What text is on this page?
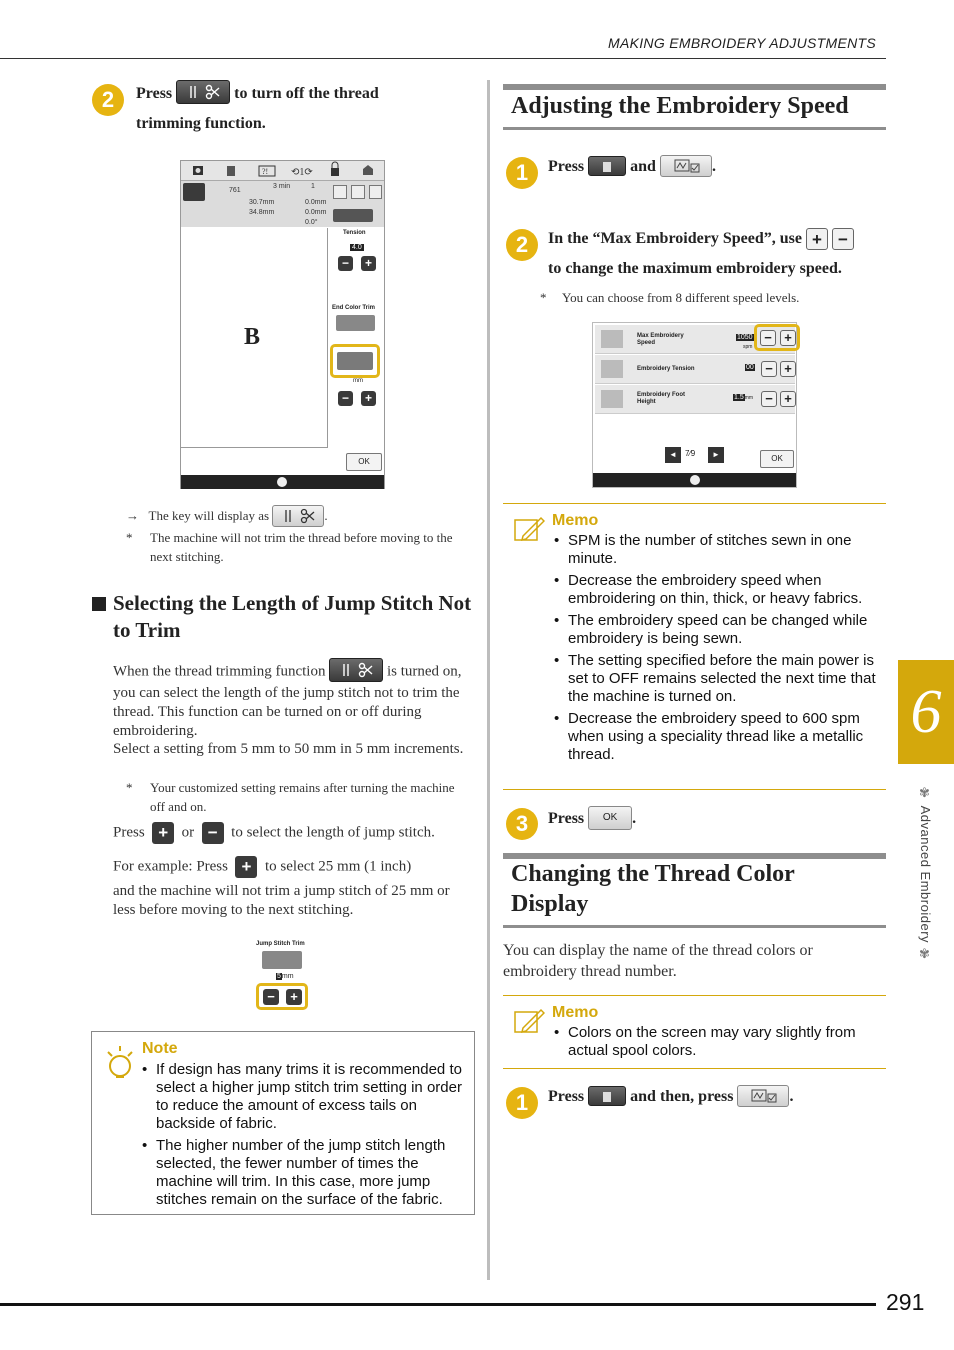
MAKING EMBROIDERY ADJUSTMENTS
291
6
✾ Advanced Embroidery ✾
2	Press	to turn off the thread
trimming function.
?! ⟲1⟳
761
3 min	1
30.7mm
34.8mm
0.0mm
0.0mm
0.0°
B
Tension
4.0
−	+
End Color Trim
mm
−	+
OK
→ The key will display as	.
*	The machine will not trim the thread before moving to the next stitching.
Selecting the Length of Jump Stitch Not to Trim
When the thread trimming function	is turned on, you can select the length of the jump stitch not to trim the thread. This function can be turned on or off during embroidering.
Select a setting from 5 mm to 50 mm in 5 mm increments.
*	Your customized setting remains after turning the machine off and on.
Press + or − to select the length of jump stitch.
For example: Press + to select 25 mm (1 inch)
and the machine will not trim a jump stitch of 25 mm or less before moving to the next stitching.
Jump Stitch Trim
5mm
−	+
Note
• If design has many trims it is recommended to select a higher jump stitch trim setting in order to reduce the amount of excess tails on backside of fabric.
• The higher number of the jump stitch length selected, the fewer number of times the machine will trim. In this case, more jump stitches remain on the surface of the fabric.
Adjusting the Embroidery Speed
1	Press	and	.
2	In the “Max Embroidery Speed”, use + −
to change the maximum embroidery speed.
* You can choose from 8 different speed levels.
Max Embroidery Speed
1050
spm
− +
Embroidery Tension	00 − +
Embroidery Foot Height
1.5mm − +
◄	7⁄9	►	OK
Memo
• SPM is the number of stitches sewn in one minute.
• Decrease the embroidery speed when embroidering on thin, thick, or heavy fabrics.
• The embroidery speed can be changed while embroidery is being sewn.
• The setting specified before the main power is set to OFF remains selected the next time that the machine is turned on.
• Decrease the embroidery speed to 600 spm when using a speciality thread like a metallic thread.
3	Press OK .
Changing the Thread Color
Display
You can display the name of the thread colors or embroidery thread number.
Memo
• Colors on the screen may vary slightly from actual spool colors.
1	Press	and then, press	.
